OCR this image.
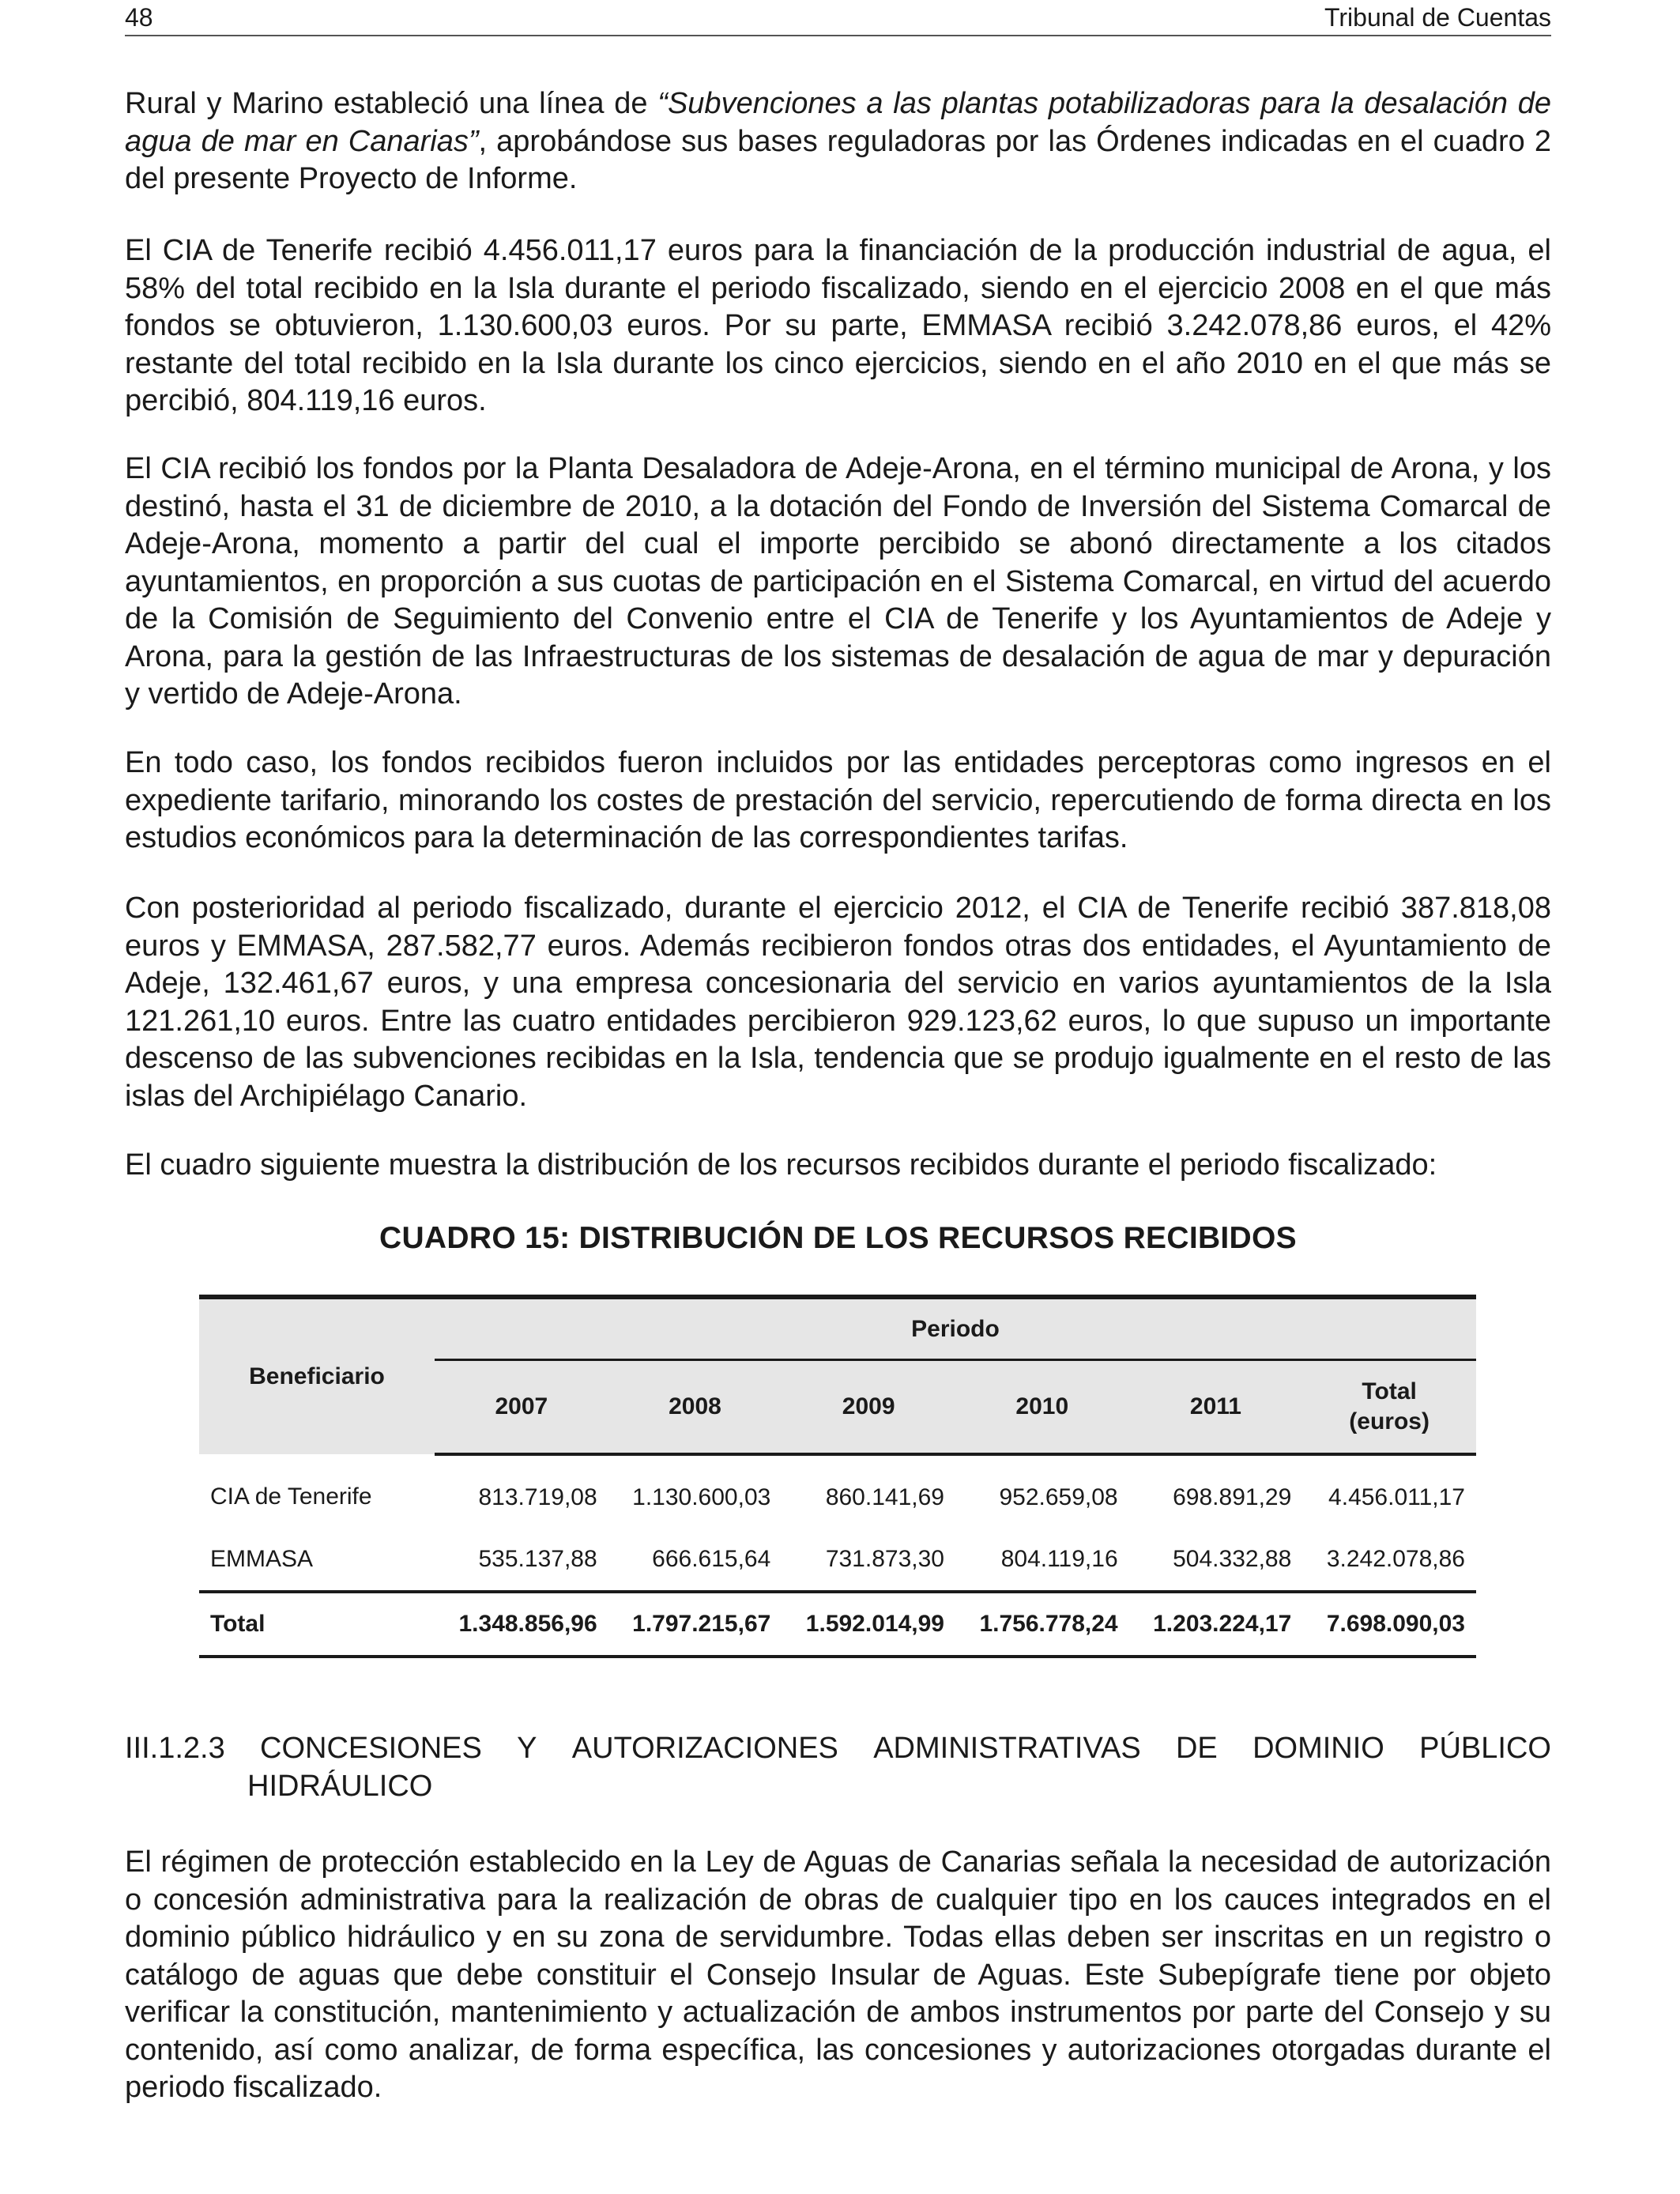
48	Tribunal de Cuentas

Rural y Marino estableció una línea de “Subvenciones a las plantas potabilizadoras para la desalación de agua de mar en Canarias”, aprobándose sus bases reguladoras por las Órdenes indicadas en el cuadro 2 del presente Proyecto de Informe.

El CIA de Tenerife recibió 4.456.011,17 euros para la financiación de la producción industrial de agua, el 58% del total recibido en la Isla durante el periodo fiscalizado, siendo en el ejercicio 2008 en el que más fondos se obtuvieron, 1.130.600,03 euros. Por su parte, EMMASA recibió 3.242.078,86 euros, el 42% restante del total recibido en la Isla durante los cinco ejercicios, siendo en el año 2010 en el que más se percibió, 804.119,16 euros.

El CIA recibió los fondos por la Planta Desaladora de Adeje-Arona, en el término municipal de Arona, y los destinó, hasta el 31 de diciembre de 2010, a la dotación del Fondo de Inversión del Sistema Comarcal de Adeje-Arona, momento a partir del cual el importe percibido se abonó directamente a los citados ayuntamientos, en proporción a sus cuotas de participación en el Sistema Comarcal, en virtud del acuerdo de la Comisión de Seguimiento del Convenio entre el CIA de Tenerife y los Ayuntamientos de Adeje y Arona, para la gestión de las Infraestructuras de los sistemas de desalación de agua de mar y depuración y vertido de Adeje-Arona.

En todo caso, los fondos recibidos fueron incluidos por las entidades perceptoras como ingresos en el expediente tarifario, minorando los costes de prestación del servicio, repercutiendo de forma directa en los estudios económicos para la determinación de las correspondientes tarifas.

Con posterioridad al periodo fiscalizado, durante el ejercicio 2012, el CIA de Tenerife recibió 387.818,08 euros y EMMASA, 287.582,77 euros. Además recibieron fondos otras dos entidades, el Ayuntamiento de Adeje, 132.461,67 euros, y una empresa concesionaria del servicio en varios ayuntamientos de la Isla 121.261,10 euros. Entre las cuatro entidades percibieron 929.123,62 euros, lo que supuso un importante descenso de las subvenciones recibidas en la Isla, tendencia que se produjo igualmente en el resto de las islas del Archipiélago Canario.

El cuadro siguiente muestra la distribución de los recursos recibidos durante el periodo fiscalizado:

CUADRO 15: DISTRIBUCIÓN DE LOS RECURSOS RECIBIDOS
Beneficiario	Periodo					
	2007	2008	2009	2010	2011	Total
(euros)
CIA de Tenerife	813.719,08	1.130.600,03	860.141,69	952.659,08	698.891,29	4.456.011,17
EMMASA	535.137,88	666.615,64	731.873,30	804.119,16	504.332,88	3.242.078,86
Total	1.348.856,96	1.797.215,67	1.592.014,99	1.756.778,24	1.203.224,17	7.698.090,03
III.1.2.3 CONCESIONES Y AUTORIZACIONES ADMINISTRATIVAS DE DOMINIO PÚBLICO
HIDRÁULICO

El régimen de protección establecido en la Ley de Aguas de Canarias señala la necesidad de autorización o concesión administrativa para la realización de obras de cualquier tipo en los cauces integrados en el dominio público hidráulico y en su zona de servidumbre. Todas ellas deben ser inscritas en un registro o catálogo de aguas que debe constituir el Consejo Insular de Aguas. Este Subepígrafe tiene por objeto verificar la constitución, mantenimiento y actualización de ambos instrumentos por parte del Consejo y su contenido, así como analizar, de forma específica, las concesiones y autorizaciones otorgadas durante el periodo fiscalizado.
